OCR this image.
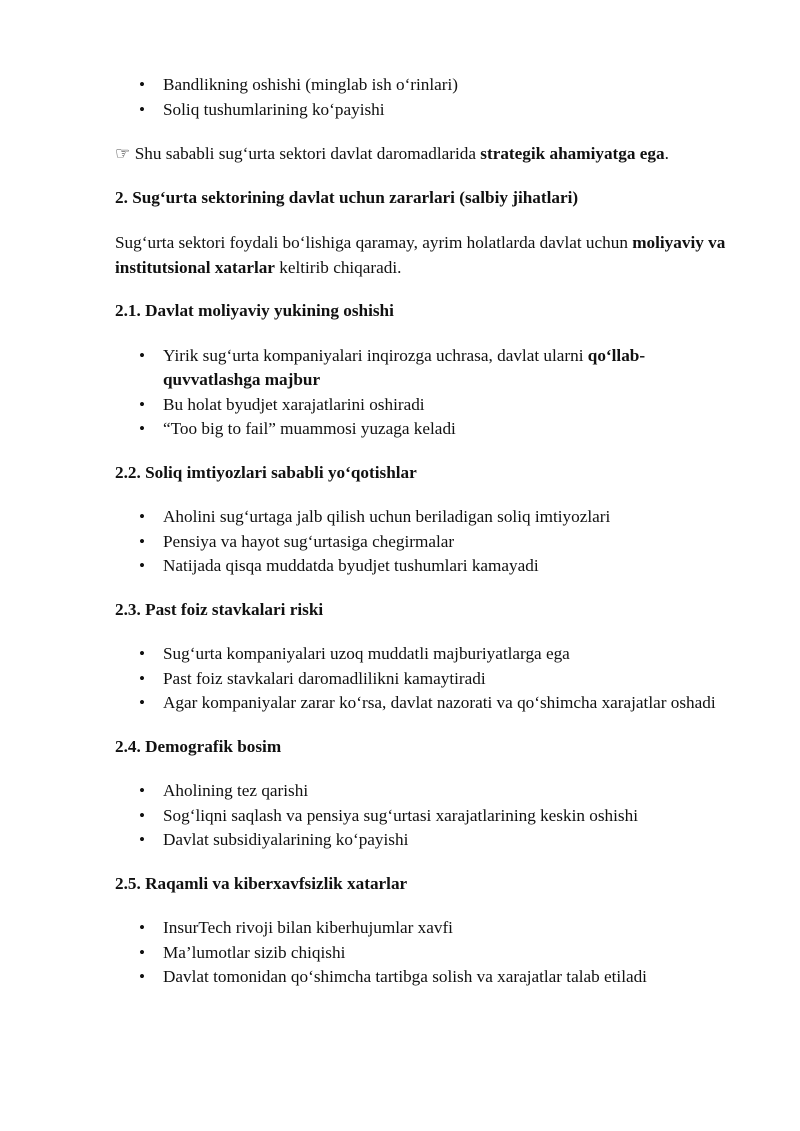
• Bandlikning oshishi (minglab ish o‘rinlari)
• Soliq tushumlarining ko‘payishi

☞ Shu sababli sug‘urta sektori davlat daromadlarida strategik ahamiyatga ega.

2. Sug‘urta sektorining davlat uchun zararlari (salbiy jihatlari)

Sug‘urta sektori foydali bo‘lishiga qaramay, ayrim holatlarda davlat uchun moliyaviy va institutsional xatarlar keltirib chiqaradi.

2.1. Davlat moliyaviy yukining oshishi

• Yirik sug‘urta kompaniyalari inqirozga uchrasa, davlat ularni qo‘llab-quvvatlashga majbur
• Bu holat byudjet xarajatlarini oshiradi
• “Too big to fail” muammosi yuzaga keladi

2.2. Soliq imtiyozlari sababli yo‘qotishlar

• Aholini sug‘urtaga jalb qilish uchun beriladigan soliq imtiyozlari
• Pensiya va hayot sug‘urtasiga chegirmalar
• Natijada qisqa muddatda byudjet tushumlari kamayadi

2.3. Past foiz stavkalari riski

• Sug‘urta kompaniyalari uzoq muddatli majburiyatlarga ega
• Past foiz stavkalari daromadlilikni kamaytiradi
• Agar kompaniyalar zarar ko‘rsa, davlat nazorati va qo‘shimcha xarajatlar oshadi

2.4. Demografik bosim

• Aholining tez qarishi
• Sog‘liqni saqlash va pensiya sug‘urtasi xarajatlarining keskin oshishi
• Davlat subsidiyalarining ko‘payishi

2.5. Raqamli va kiberxavfsizlik xatarlar

• InsurTech rivoji bilan kiberhujumlar xavfi
• Ma’lumotlar sizib chiqishi
• Davlat tomonidan qo‘shimcha tartibga solish va xarajatlar talab etiladi
